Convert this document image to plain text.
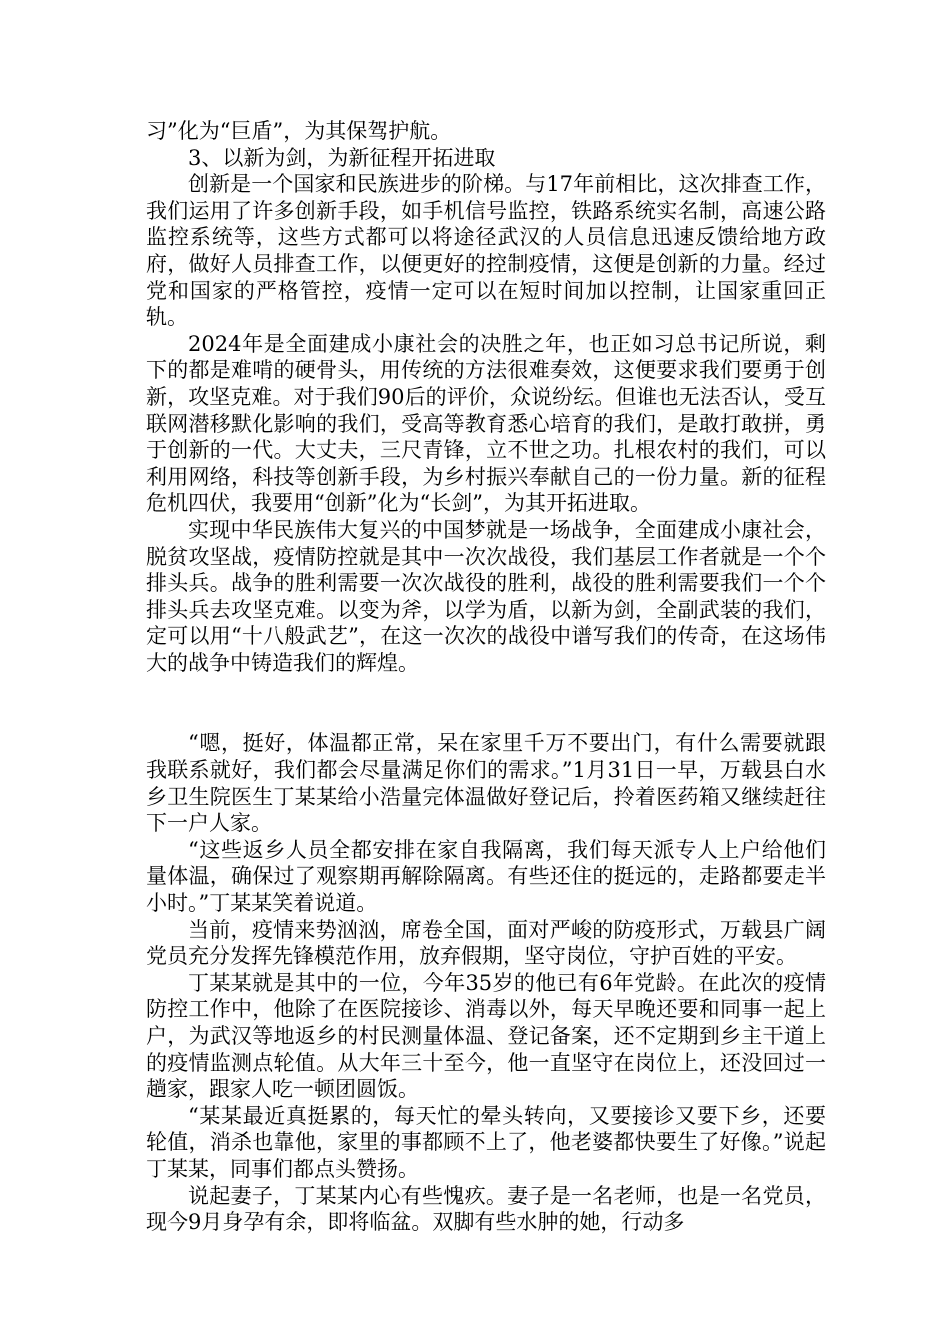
习”化为“巨盾”，为其保驾护航。

3、以新为剑，为新征程开拓进取

创新是一个国家和民族进步的阶梯。与17年前相比，这次排查工作，我们运用了许多创新手段，如手机信号监控，铁路系统实名制，高速公路监控系统等，这些方式都可以将途径武汉的人员信息迅速反馈给地方政府，做好人员排查工作，以便更好的控制疫情，这便是创新的力量。经过党和国家的严格管控，疫情一定可以在短时间加以控制，让国家重回正轨。

2024年是全面建成小康社会的决胜之年，也正如习总书记所说，剩下的都是难啃的硬骨头，用传统的方法很难奏效，这便要求我们要勇于创新，攻坚克难。对于我们90后的评价，众说纷纭。但谁也无法否认，受互联网潜移默化影响的我们，受高等教育悉心培育的我们，是敢打敢拼，勇于创新的一代。大丈夫，三尺青锋，立不世之功。扎根农村的我们，可以利用网络，科技等创新手段，为乡村振兴奉献自己的一份力量。新的征程危机四伏，我要用“创新”化为“长剑”，为其开拓进取。

实现中华民族伟大复兴的中国梦就是一场战争，全面建成小康社会，脱贫攻坚战，疫情防控就是其中一次次战役，我们基层工作者就是一个个排头兵。战争的胜利需要一次次战役的胜利，战役的胜利需要我们一个个排头兵去攻坚克难。以变为斧，以学为盾，以新为剑，全副武装的我们，定可以用“十八般武艺”，在这一次次的战役中谱写我们的传奇，在这场伟大的战争中铸造我们的辉煌。

“嗯，挺好，体温都正常，呆在家里千万不要出门，有什么需要就跟我联系就好，我们都会尽量满足你们的需求。”1月31日一早，万载县白水乡卫生院医生丁某某给小浩量完体温做好登记后，拎着医药箱又继续赶往下一户人家。

“这些返乡人员全都安排在家自我隔离，我们每天派专人上户给他们量体温，确保过了观察期再解除隔离。有些还住的挺远的，走路都要走半小时。”丁某某笑着说道。

当前，疫情来势汹汹，席卷全国，面对严峻的防疫形式，万载县广阔党员充分发挥先锋模范作用，放弃假期，坚守岗位，守护百姓的平安。

丁某某就是其中的一位，今年35岁的他已有6年党龄。在此次的疫情防控工作中，他除了在医院接诊、消毒以外，每天早晚还要和同事一起上户，为武汉等地返乡的村民测量体温、登记备案，还不定期到乡主干道上的疫情监测点轮值。从大年三十至今，他一直坚守在岗位上，还没回过一趟家，跟家人吃一顿团圆饭。

“某某最近真挺累的，每天忙的晕头转向，又要接诊又要下乡，还要轮值，消杀也靠他，家里的事都顾不上了，他老婆都快要生了好像。”说起丁某某，同事们都点头赞扬。

说起妻子，丁某某内心有些愧疚。妻子是一名老师，也是一名党员，现今9月身孕有余，即将临盆。双脚有些水肿的她，行动多
